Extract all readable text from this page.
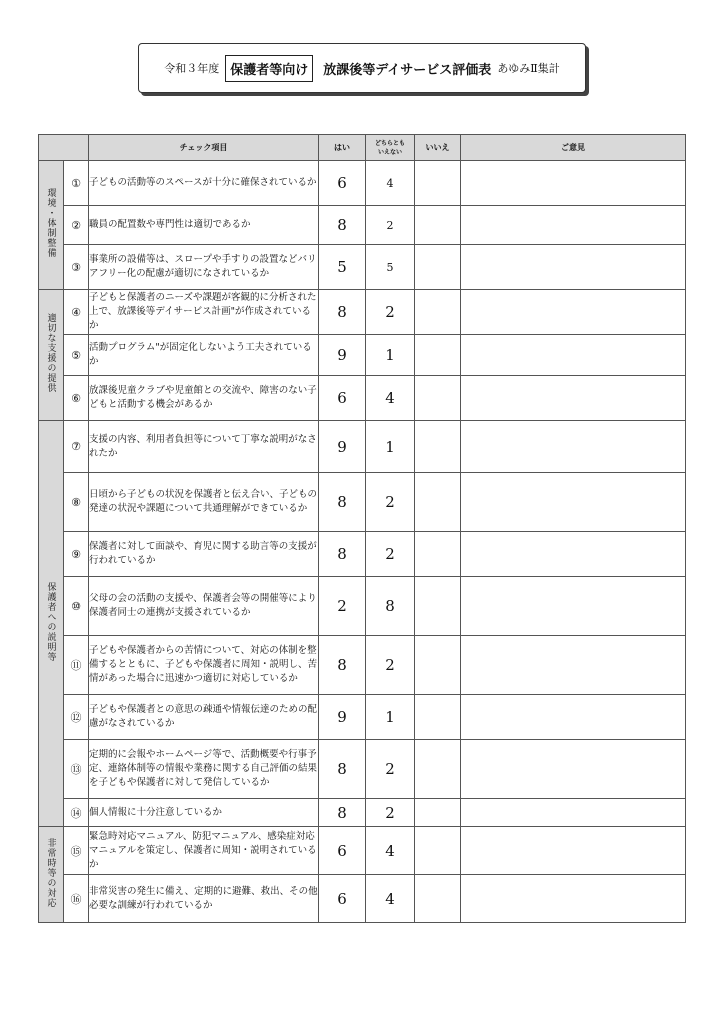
令和３年度 保護者等向け	放課後等デイサービス評価表 あゆみⅡ集計
		チェック項目	はい	どちらとも
いえない	いいえ	ご意見
環境・体制整備	①	子どもの活動等のスペースが十分に確保されているか	6	4		
	②	職員の配置数や専門性は適切であるか	8	2		
	③	事業所の設備等は、スロープや手すりの設置などバリアフリー化の配慮が適切になされているか	5	5		
適切な支援の提供	④	子どもと保護者のニーズや課題が客観的に分析された上で、放課後等デイサービス計画"が作成されているか	8	2		
	⑤	活動プログラム"が固定化しないよう工夫されているか	9	1		
	⑥	放課後児童クラブや児童館との交流や、障害のない子どもと活動する機会があるか	6	4		
保護者への説明等	⑦	支援の内容、利用者負担等について丁寧な説明がなされたか	9	1		
	⑧	日頃から子どもの状況を保護者と伝え合い、子どもの発達の状況や課題について共通理解ができているか	8	2		
	⑨	保護者に対して面談や、育児に関する助言等の支援が行われているか	8	2		
	⑩	父母の会の活動の支援や、保護者会等の開催等により保護者同士の連携が支援されているか	2	8		
	⑪	子どもや保護者からの苦情について、対応の体制を整備するとともに、子どもや保護者に周知・説明し、苦情があった場合に迅速かつ適切に対応しているか	8	2		
	⑫	子どもや保護者との意思の疎通や情報伝達のための配慮がなされているか	9	1		
	⑬	定期的に会報やホームページ等で、活動概要や行事予定、連絡体制等の情報や業務に関する自己評価の結果を子どもや保護者に対して発信しているか	8	2		
	⑭	個人情報に十分注意しているか	8	2		
非常時等の対応	⑮	緊急時対応マニュアル、防犯マニュアル、感染症対応マニュアルを策定し、保護者に周知・説明されているか	6	4		
	⑯	非常災害の発生に備え、定期的に避難、救出、その他必要な訓練が行われているか	6	4		
